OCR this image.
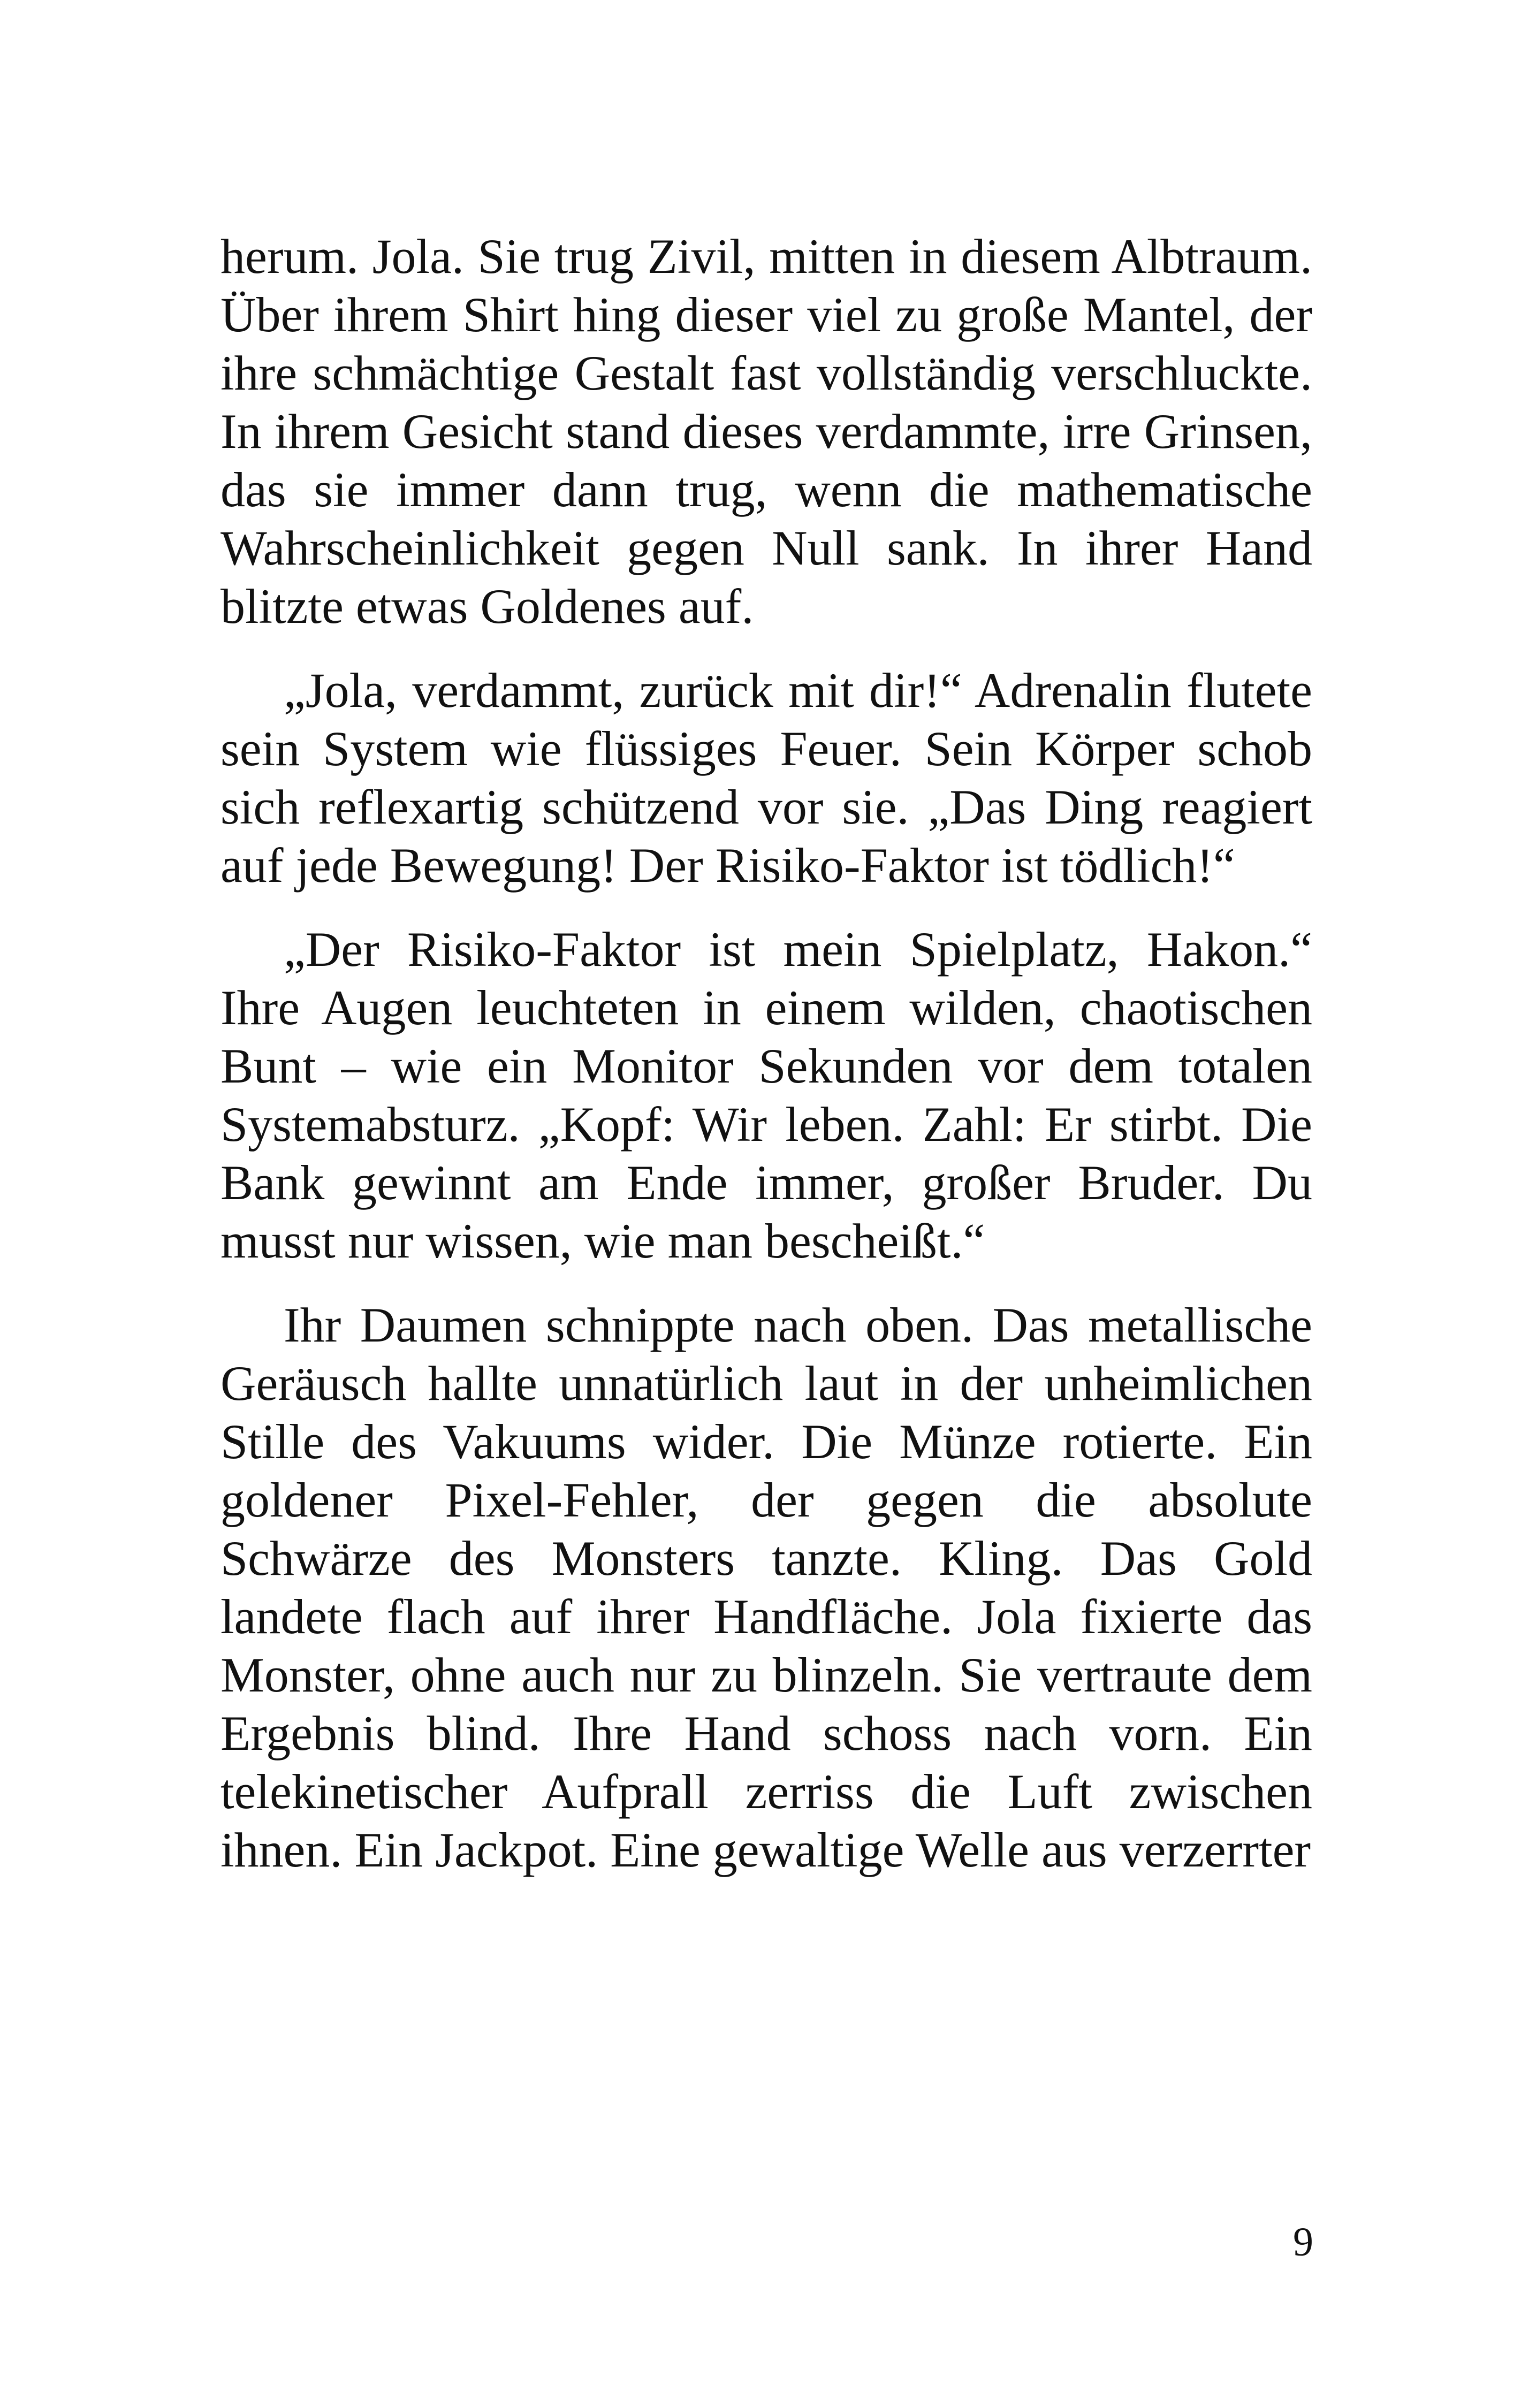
herum. Jola. Sie trug Zivil, mitten in diesem Albtraum. Über ihrem Shirt hing dieser viel zu große Mantel, der ihre schmächtige Gestalt fast vollständig verschluckte. In ihrem Gesicht stand dieses verdammte, irre Grinsen, das sie immer dann trug, wenn die mathematische Wahrscheinlichkeit gegen Null sank. In ihrer Hand blitzte etwas Goldenes auf.

„Jola, verdammt, zurück mit dir!“ Adrenalin flutete sein System wie flüssiges Feuer. Sein Körper schob sich reflexartig schützend vor sie. „Das Ding reagiert auf jede Bewegung! Der Risiko-Faktor ist tödlich!“

„Der Risiko-Faktor ist mein Spielplatz, Hakon.“ Ihre Augen leuchteten in einem wilden, chaotischen Bunt – wie ein Monitor Sekunden vor dem totalen Systemabsturz. „Kopf: Wir leben. Zahl: Er stirbt. Die Bank gewinnt am Ende immer, großer Bruder. Du musst nur wissen, wie man bescheißt.“

Ihr Daumen schnippte nach oben. Das metallische Geräusch hallte unnatürlich laut in der unheimlichen Stille des Vakuums wider. Die Münze rotierte. Ein goldener Pixel-Fehler, der gegen die absolute Schwärze des Monsters tanzte. Kling. Das Gold landete flach auf ihrer Handfläche. Jola fixierte das Monster, ohne auch nur zu blinzeln. Sie vertraute dem Ergebnis blind. Ihre Hand schoss nach vorn. Ein telekinetischer Aufprall zerriss die Luft zwischen ihnen. Ein Jackpot. Eine gewaltige Welle aus verzerrter

9
